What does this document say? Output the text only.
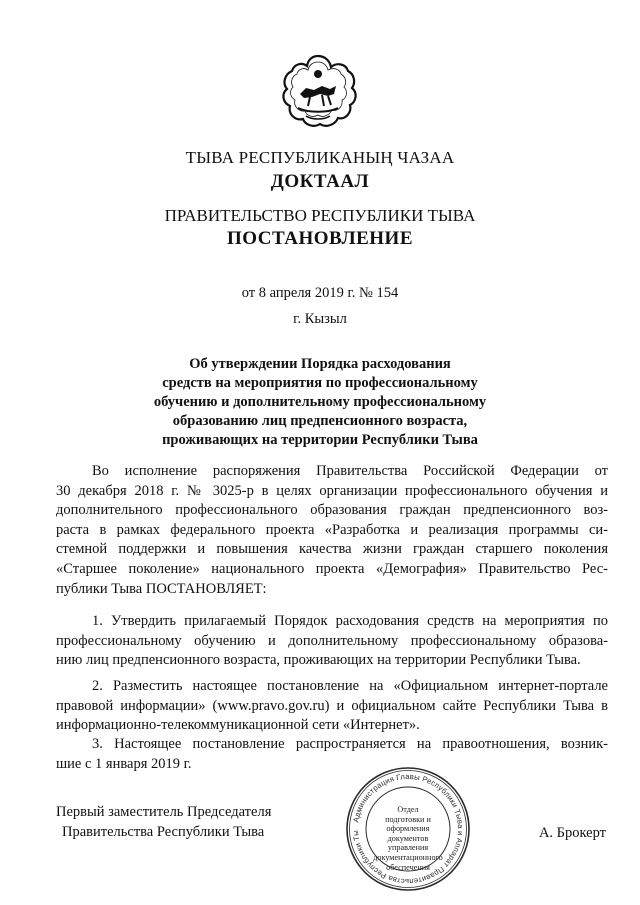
ТЫВА РЕСПУБЛИКАНЫҢ ЧАЗАА
ДОКТААЛ
ПРАВИТЕЛЬСТВО РЕСПУБЛИКИ ТЫВА
ПОСТАНОВЛЕНИЕ
от 8 апреля 2019 г. № 154
г. Кызыл
Об утверждении Порядка расходования
средств на мероприятия по профессиональному
обучению и дополнительному профессиональному
образованию лиц предпенсионного возраста,
проживающих на территории Республики Тыва
Во исполнение распоряжения Правительства Российской Федерации от
30 декабря 2018 г. № 3025-р в целях организации профессионального обучения и
дополнительного профессионального образования граждан предпенсионного воз-
раста в рамках федерального проекта «Разработка и реализация программы си-
стемной поддержки и повышения качества жизни граждан старшего поколения
«Старшее поколение» национального проекта «Демография» Правительство Рес-
публики Тыва ПОСТАНОВЛЯЕТ:
1. Утвердить прилагаемый Порядок расходования средств на мероприятия по
профессиональному обучению и дополнительному профессиональному образова-
нию лиц предпенсионного возраста, проживающих на территории Республики Тыва.
2. Разместить настоящее постановление на «Официальном интернет-портале
правовой информации» (www.pravo.gov.ru) и официальном сайте Республики Тыва в
информационно-телекоммуникационной сети «Интернет».
3. Настоящее постановление распространяется на правоотношения, возник-
шие с 1 января 2019 г.
Первый заместитель Председателя
Правительства Республики Тыва
Администрация Главы Республики Тыва и Аппарат Правительства Республики Ты
Отдел
подготовки и
оформления документов
управления
документационного
обеспечения
А. Брокерт
